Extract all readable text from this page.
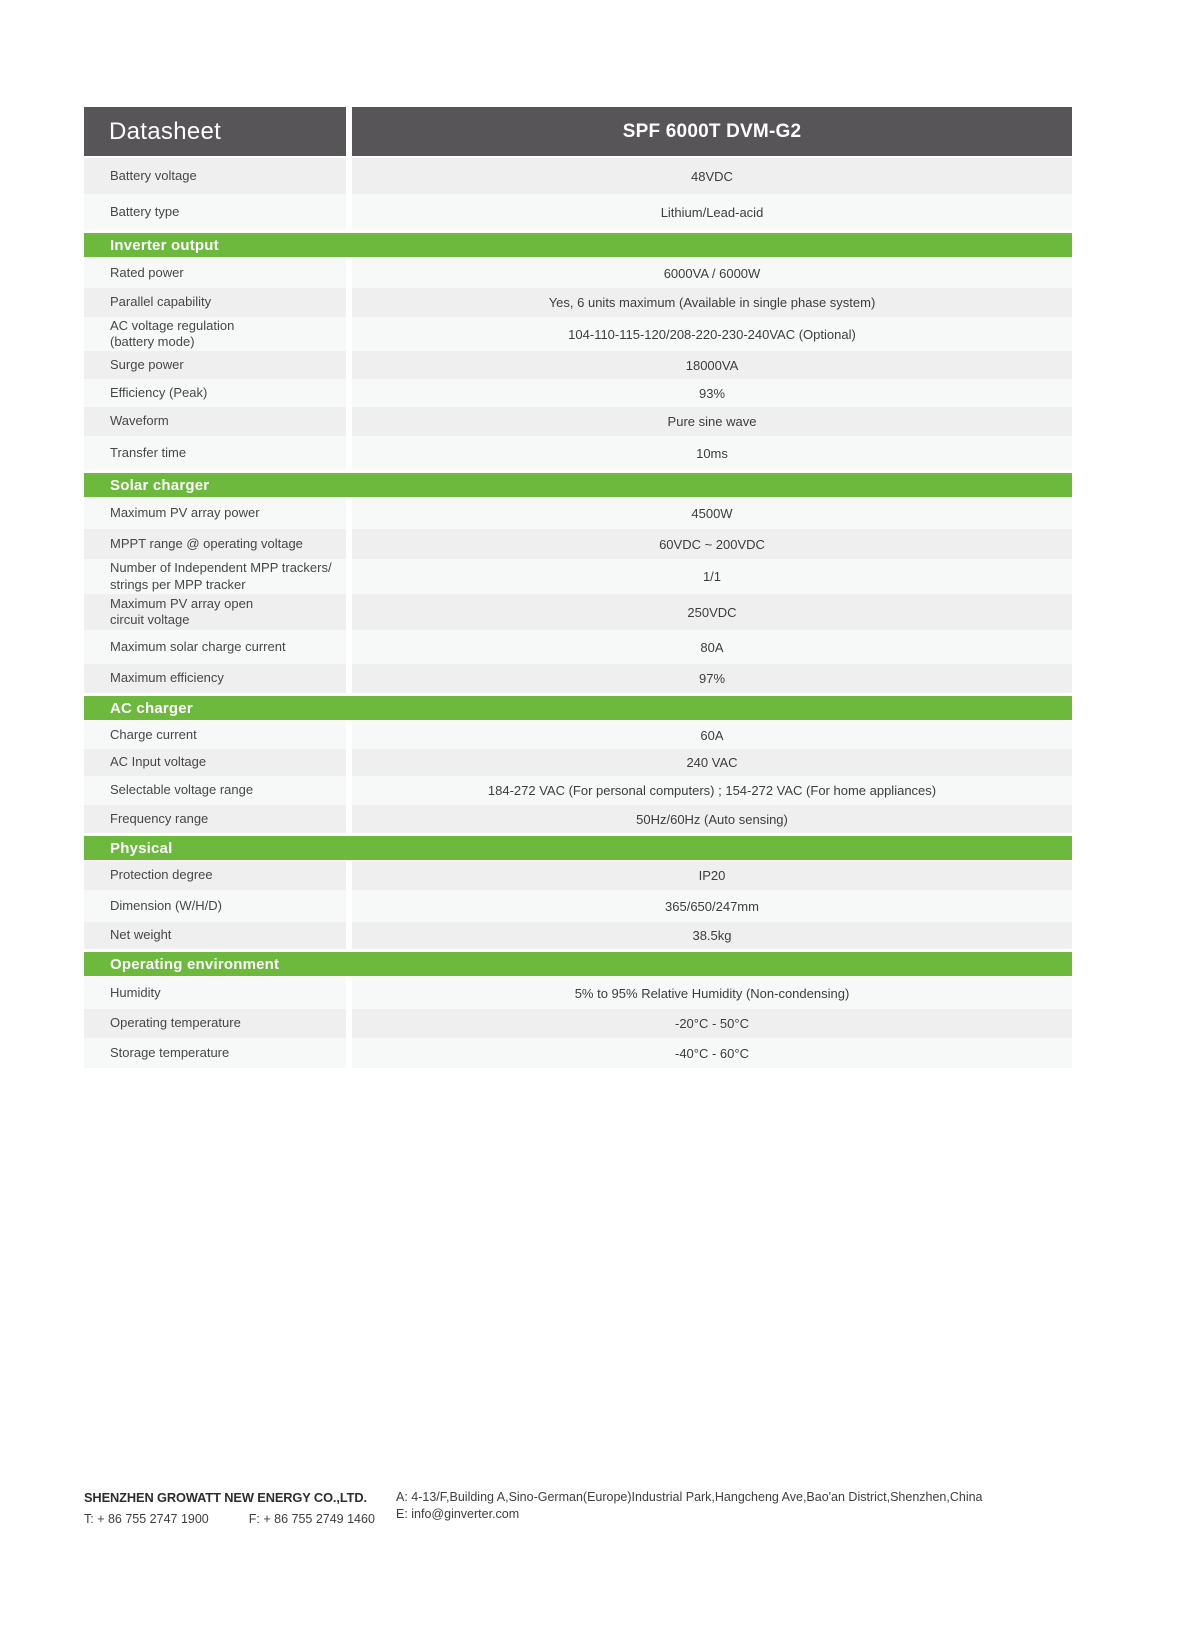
Datasheet	SPF 6000T DVM-G2
Battery voltage	48VDC
Battery type	Lithium/Lead-acid
Inverter output
Rated power	6000VA / 6000W
Parallel capability	Yes, 6 units maximum (Available in single phase system)
AC voltage regulation (battery mode)	104-110-115-120/208-220-230-240VAC (Optional)
Surge power	18000VA
Efficiency (Peak)	93%
Waveform	Pure sine wave
Transfer time	10ms
Solar charger
Maximum PV array power	4500W
MPPT range @ operating voltage	60VDC ~ 200VDC
Number of Independent MPP trackers/ strings per MPP tracker	1/1
Maximum PV array open circuit voltage	250VDC
Maximum solar charge current	80A
Maximum efficiency	97%
AC charger
Charge current	60A
AC Input voltage	240 VAC
Selectable voltage range	184-272 VAC (For personal computers) ; 154-272 VAC (For home appliances)
Frequency range	50Hz/60Hz (Auto sensing)
Physical
Protection degree	IP20
Dimension (W/H/D)	365/650/247mm
Net weight	38.5kg
Operating environment
Humidity	5% to 95% Relative Humidity (Non-condensing)
Operating temperature	-20°C - 50°C
Storage temperature	-40°C - 60°C
SHENZHEN GROWATT NEW ENERGY CO.,LTD.
T: + 86 755 2747 1900	F: + 86 755 2749 1460
A: 4-13/F,Building A,Sino-German(Europe)Industrial Park,Hangcheng Ave,Bao'an District,Shenzhen,China
E: info@ginverter.com
